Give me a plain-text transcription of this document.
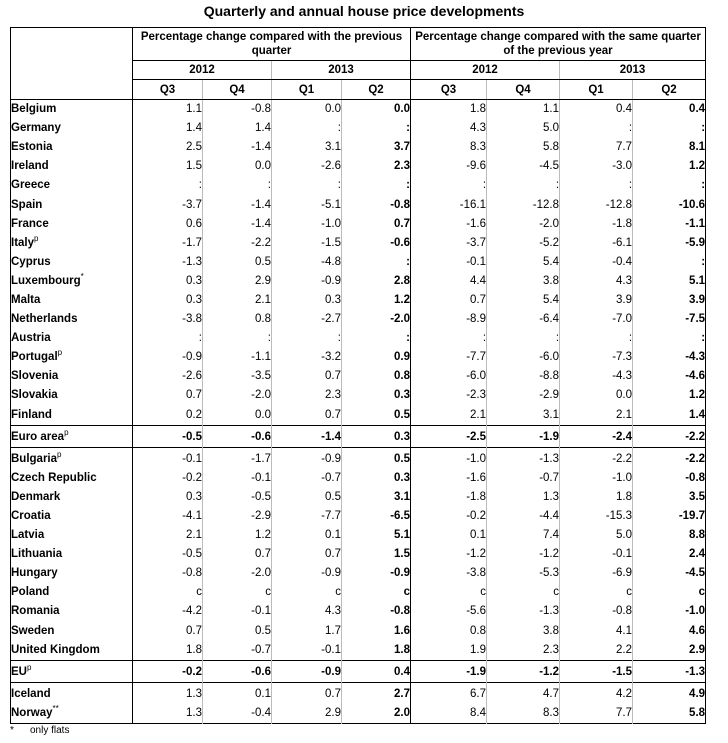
Quarterly and annual house price developments
	Percentage change compared with the previous quarter				Percentage change compared with the same quarter of the previous year			
	2012		2013		2012		2013	
	Q3	Q4	Q1	Q2	Q3	Q4	Q1	Q2
Belgium	1.1	-0.8	0.0	0.0	1.8	1.1	0.4	0.4
Germany	1.4	1.4	:	:	4.3	5.0	:	:
Estonia	2.5	-1.4	3.1	3.7	8.3	5.8	7.7	8.1
Ireland	1.5	0.0	-2.6	2.3	-9.6	-4.5	-3.0	1.2
Greece	:	:	:	:	:	:	:	:
Spain	-3.7	-1.4	-5.1	-0.8	-16.1	-12.8	-12.8	-10.6
France	0.6	-1.4	-1.0	0.7	-1.6	-2.0	-1.8	-1.1
Italy$^p$	-1.7	-2.2	-1.5	-0.6	-3.7	-5.2	-6.1	-5.9
Cyprus	-1.3	0.5	-4.8	:	-0.1	5.4	-0.4	:
Luxembourg*	0.3	2.9	-0.9	2.8	4.4	3.8	4.3	5.1
Malta	0.3	2.1	0.3	1.2	0.7	5.4	3.9	3.9
Netherlands	-3.8	0.8	-2.7	-2.0	-8.9	-6.4	-7.0	-7.5
Austria	:	:	:	:	:	:	:	:
Portugal$^p$	-0.9	-1.1	-3.2	0.9	-7.7	-6.0	-7.3	-4.3
Slovenia	-2.6	-3.5	0.7	0.8	-6.0	-8.8	-4.3	-4.6
Slovakia	0.7	-2.0	2.3	0.3	-2.3	-2.9	0.0	1.2
Finland	0.2	0.0	0.7	0.5	2.1	3.1	2.1	1.4
Euro area$^p$	-0.5	-0.6	-1.4	0.3	-2.5	-1.9	-2.4	-2.2
Bulgaria$^p$	-0.1	-1.7	-0.9	0.5	-1.0	-1.3	-2.2	-2.2
Czech Republic	-0.2	-0.1	-0.7	0.3	-1.6	-0.7	-1.0	-0.8
Denmark	0.3	-0.5	0.5	3.1	-1.8	1.3	1.8	3.5
Croatia	-4.1	-2.9	-7.7	-6.5	-0.2	-4.4	-15.3	-19.7
Latvia	2.1	1.2	0.1	5.1	0.1	7.4	5.0	8.8
Lithuania	-0.5	0.7	0.7	1.5	-1.2	-1.2	-0.1	2.4
Hungary	-0.8	-2.0	-0.9	-0.9	-3.8	-5.3	-6.9	-4.5
Poland	c	c	c	c	c	c	c	c
Romania	-4.2	-0.1	4.3	-0.8	-5.6	-1.3	-0.8	-1.0
Sweden	0.7	0.5	1.7	1.6	0.8	3.8	4.1	4.6
United Kingdom	1.8	-0.7	-0.1	1.8	1.9	2.3	2.2	2.9
$EU^p$	-0.2	-0.6	-0.9	0.4	-1.9	-1.2	-1.5	-1.3
Iceland	1.3	0.1	0.7	2.7	6.7	4.7	4.2	4.9
Norway**	1.3	-0.4	2.9	2.0	8.4	8.3	7.7	5.8
* only flats
